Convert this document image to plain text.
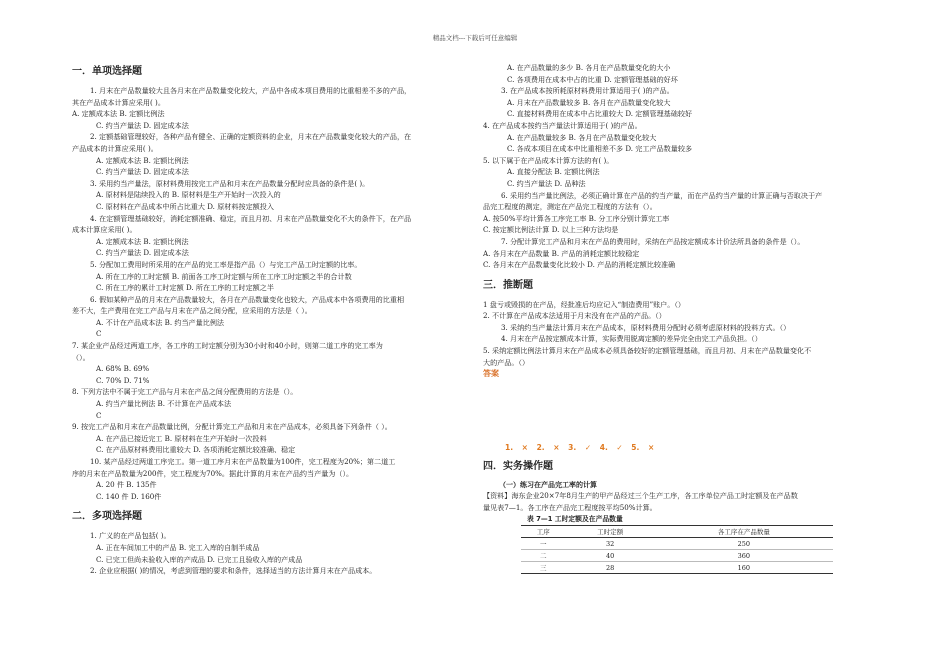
精品文档---下载后可任意编辑
一．单项选择题
1. 月末在产品数量较大且各月末在产品数量变化较大，产品中各成本项目费用的比重相差不多的产品，
其在产品成本计算应采用( )。
A. 定额成本法 B. 定额比例法
C. 约当产量法 D. 固定成本法
2. 定额基础管理较好，各种产品有健全、正确的定额资料的企业，月末在产品数量变化较大的产品，在
产品成本的计算应采用( )。
A. 定额成本法 B. 定额比例法
C. 约当产量法 D. 固定成本法
3. 采用约当产量法，原材料费用按完工产品和月末在产品数量分配时应具备的条件是( )。
A. 原材料是陆续投入的 B. 原材料是生产开始时一次投入的
C. 原材料在产品成本中所占比重大 D. 原材料按定额投入
4. 在定额管理基础较好，消耗定额准确、稳定，而且月初、月末在产品数量变化不大的条件下，在产品
成本计算应采用( )。
A. 定额成本法 B. 定额比例法
C. 约当产量法 D. 固定成本法
5. 分配加工费用时所采用的在产品的完工率是指产品（）与完工产品工时定额的比率。
A. 所在工序的工时定额 B. 前面各工序工时定额与所在工序工时定额之半的合计数
C. 所在工序的累计工时定额 D. 所在工序的工时定额之半
6. 假如某种产品的月末在产品数量较大，各月在产品数量变化也较大，产品成本中各项费用的比重相
差不大，生产费用在完工产品与月末在产品之间分配，应采用的方法是（ ）。
A. 不计在产品成本法 B. 约当产量比例法
C
7. 某企业产品经过两道工序，各工序的工时定额分别为30小时和40小时，则第二道工序的完工率为
（）。
A. 68% B. 69%
C. 70% D. 71%
8. 下列方法中不属于完工产品与月末在产品之间分配费用的方法是（）。
A. 约当产量比例法 B. 不计算在产品成本法
C
9. 按完工产品和月末在产品数量比例，分配计算完工产品和月末在产品成本，必须具备下列条件（ ）。
A. 在产品已接近完工 B. 原材料在生产开始时一次投料
C. 在产品原材料费用比重较大 D. 各项消耗定额比较准确、稳定
10. 某产品经过两道工序完工。第一道工序月末在产品数量为100件，完工程度为20%；第二道工
序的月末在产品数量为200件，完工程度为70%。据此计算的月末在产品约当产量为（）。
A. 20 件 B. 135件
C. 140 件 D. 160件
二．多项选择题
1. 广义的在产品包括( )。
A. 正在车间加工中的产品 B. 完工入库的自制半成品
C. 已完工但尚未验收入库的产成品 D. 已完工且验收入库的产成品
2. 企业应根据( )的情况，考虑到管理的要求和条件，选择适当的方法计算月末在产品成本。
A. 在产品数量的多少 B. 各月在产品数量变化的大小
C. 各项费用在成本中占的比重 D. 定额管理基础的好坏
3. 在产品成本按所耗原材料费用计算适用于( )的产品。
A. 月末在产品数量较多 B. 各月在产品数量变化较大
C. 直接材料费用在成本中占比重较大 D. 定额管理基础较好
4. 在产品成本按约当产量法计算适用于( )的产品。
A. 在产品数量较多 B. 各月在产品数量变化较大
C. 各成本项目在成本中比重相差不多 D. 完工产品数量较多
5. 以下属于在产品成本计算方法的有( )。
A. 直接分配法 B. 定额比例法
C. 约当产量法 D. 品种法
6. 采用约当产量比例法，必须正确计算在产品的约当产量，而在产品约当产量的计算正确与否取决于产
品完工程度的测定，测定在产品完工程度的方法有（）。
A. 按50%平均计算各工序完工率 B. 分工序分别计算完工率
C. 按定额比例法计算 D. 以上三种方法均是
7. 分配计算完工产品和月末在产品的费用时，采纳在产品按定额成本计价法所具备的条件是（）。
A. 各月末在产品数量 B. 产品的消耗定额比较稳定
C. 各月末在产品数量变化比较小 D. 产品的消耗定额比较准确
三．推断题
1 盘亏或毁损的在产品，经批准后均应记入“制造费用”账户。（）
2. 不计算在产品成本法适用于月末没有在产品的产品。（）
3. 采纳约当产量法计算月末在产品成本，原材料费用分配时必须考虑原材料的投料方式。（）
4. 月末在产品按定额成本计算，实际费用脱离定额的差异完全由完工产品负担。（）
5. 采纳定额比例法计算月末在产品成本必须具备较好的定额管理基础，而且月初、月末在产品数量变化不
大的产品。（）
答案
1. × 2. × 3. ✓ 4. ✓ 5. ×
四．实务操作题
（一）练习在产品完工率的计算
【资料】海东企业20×7年8月生产的甲产品经过三个生产工序，各工序单位产品工时定额及在产品数
量见表7—1。各工序在产品完工程度按平均50%计算。
表 7—1 工时定额及在产品数量
工序	工时定额	各工序在产品数量
一	32	250
二	40	360
三	28	160
